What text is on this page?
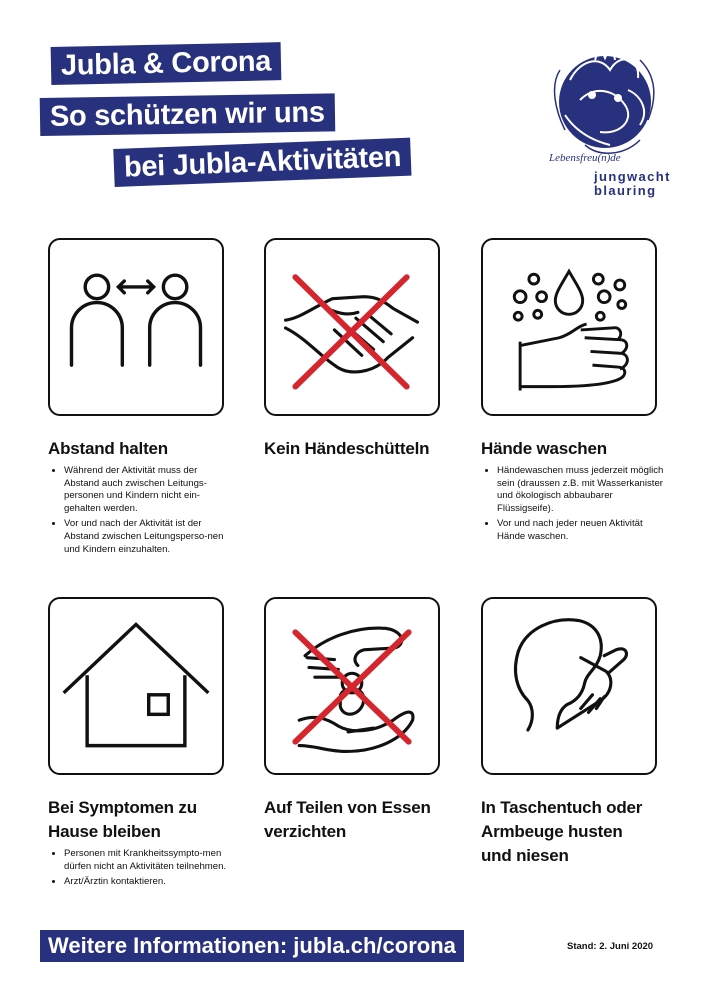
Jubla & Corona
So schützen wir uns
bei Jubla-Aktivitäten	Lebensfreu(n)de
jungwacht
blauring
Abstand halten
• Während der Aktivität muss der Abstand auch zwischen Leitungs-personen und Kindern nicht ein-gehalten werden.
• Vor und nach der Aktivität ist der Abstand zwischen Leitungsperso-nen und Kindern einzuhalten.
Kein Händeschütteln	Hände waschen
• Händewaschen muss jederzeit möglich sein (draussen z.B. mit Wasserkanister und ökologisch abbaubarer Flüssigseife).
• Vor und nach jeder neuen Aktivität Hände waschen.
Bei Symptomen zu
Hause bleiben
• Personen mit Krankheitssympto-men dürfen nicht an Aktivitäten teilnehmen.
• Arzt/Ärztin kontaktieren.
Auf Teilen von Essen
verzichten
In Taschentuch oder
Armbeuge husten
und niesen
Weitere Informationen: jubla.ch/corona	Stand: 2. Juni 2020
